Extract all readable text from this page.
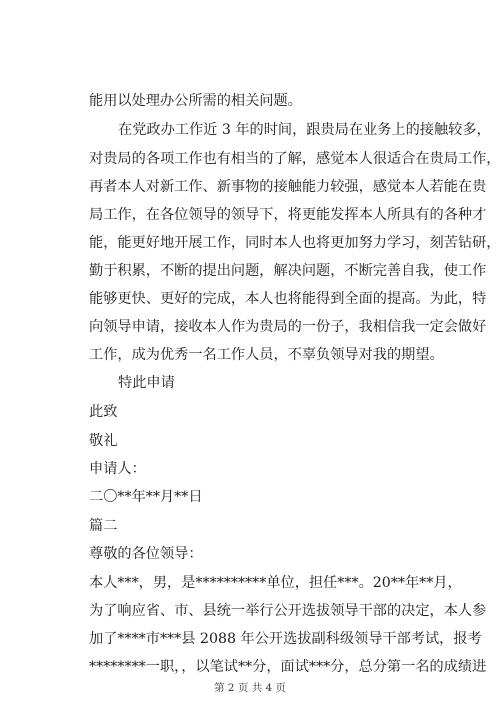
能用以处理办公所需的相关问题。
在党政办工作近 3 年的时间，跟贵局在业务上的接触较多，
对贵局的各项工作也有相当的了解，感觉本人很适合在贵局工作，
再者本人对新工作、新事物的接触能力较强，感觉本人若能在贵
局工作，在各位领导的领导下，将更能发挥本人所具有的各种才
能，能更好地开展工作，同时本人也将更加努力学习，刻苦钻研，
勤于积累，不断的提出问题，解决问题，不断完善自我，使工作
能够更快、更好的完成，本人也将能得到全面的提高。为此，特
向领导申请，接收本人作为贵局的一份子，我相信我一定会做好
工作，成为优秀一名工作人员，不辜负领导对我的期望。
特此申请
此致
敬礼
申请人：
二〇**年**月**日
篇二
尊敬的各位领导：
本人***，男，是**********单位，担任***。20**年**月，
为了响应省、市、县统一举行公开选拔领导干部的决定，本人参
加了****市***县 2088 年公开选拔副科级领导干部考试，报考
********一职，，以笔试**分，面试***分，总分第一名的成绩进
第 2 页 共 4 页
